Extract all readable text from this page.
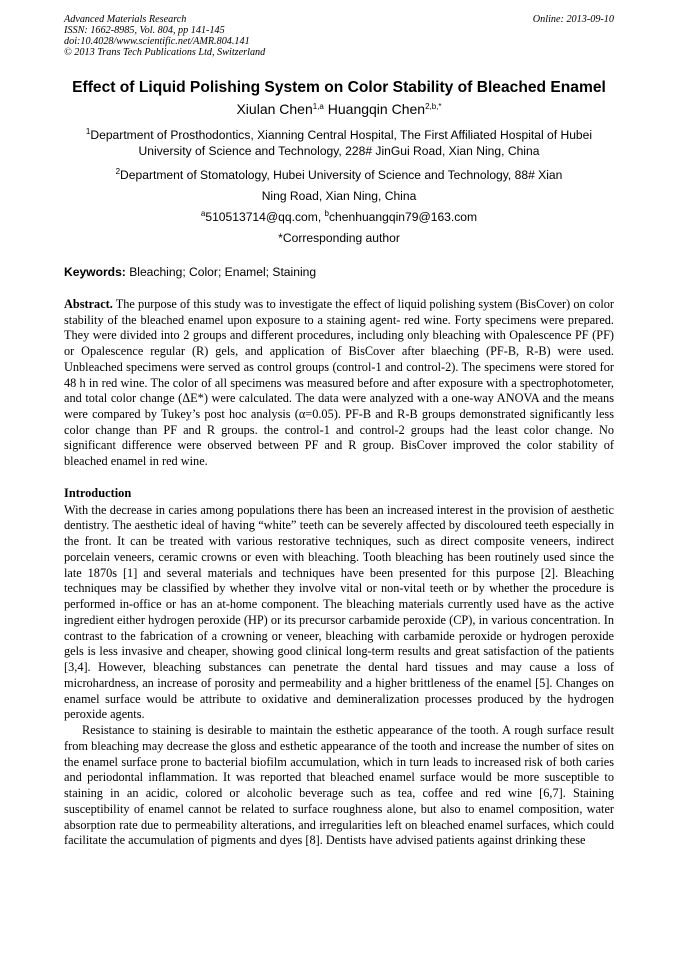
Advanced Materials Research
ISSN: 1662-8985, Vol. 804, pp 141-145
doi:10.4028/www.scientific.net/AMR.804.141
© 2013 Trans Tech Publications Ltd, Switzerland
Online: 2013-09-10
Effect of Liquid Polishing System on Color Stability of Bleached Enamel
Xiulan Chen$^{1,a}$ Huangqin Chen$^{2,b,*}$
$^1$Department of Prosthodontics, Xianning Central Hospital, The First Affiliated Hospital of Hubei University of Science and Technology, 228# JinGui Road, Xian Ning, China
$^2$Department of Stomatology, Hubei University of Science and Technology, 88# Xian
Ning Road, Xian Ning, China
$^a$510513714@qq.com, $^b$chenhuangqin79@163.com
*Corresponding author
Keywords: Bleaching; Color; Enamel; Staining
Abstract. The purpose of this study was to investigate the effect of liquid polishing system (BisCover) on color stability of the bleached enamel upon exposure to a staining agent- red wine. Forty specimens were prepared. They were divided into 2 groups and different procedures, including only bleaching with Opalescence PF (PF) or Opalescence regular (R) gels, and application of BisCover after blaeching (PF-B, R-B) were used. Unbleached specimens were served as control groups (control-1 and control-2). The specimens were stored for 48 h in red wine. The color of all specimens was measured before and after exposure with a spectrophotometer, and total color change (ΔE*) were calculated. The data were analyzed with a one-way ANOVA and the means were compared by Tukey’s post hoc analysis (α=0.05). PF-B and R-B groups demonstrated significantly less color change than PF and R groups. the control-1 and control-2 groups had the least color change. No significant difference were observed between PF and R group. BisCover improved the color stability of bleached enamel in red wine.
Introduction

With the decrease in caries among populations there has been an increased interest in the provision of aesthetic dentistry. The aesthetic ideal of having “white” teeth can be severely affected by discoloured teeth especially in the front. It can be treated with various restorative techniques, such as direct composite veneers, indirect porcelain veneers, ceramic crowns or even with bleaching. Tooth bleaching has been routinely used since the late 1870s [1] and several materials and techniques have been presented for this purpose [2]. Bleaching techniques may be classified by whether they involve vital or non-vital teeth or by whether the procedure is performed in-office or has an at-home component. The bleaching materials currently used have as the active ingredient either hydrogen peroxide (HP) or its precursor carbamide peroxide (CP), in various concentration. In contrast to the fabrication of a crowning or veneer, bleaching with carbamide peroxide or hydrogen peroxide gels is less invasive and cheaper, showing good clinical long-term results and great satisfaction of the patients [3,4]. However, bleaching substances can penetrate the dental hard tissues and may cause a loss of microhardness, an increase of porosity and permeability and a higher brittleness of the enamel [5]. Changes on enamel surface would be attribute to oxidative and demineralization processes produced by the hydrogen peroxide agents.

Resistance to staining is desirable to maintain the esthetic appearance of the tooth. A rough surface result from bleaching may decrease the gloss and esthetic appearance of the tooth and increase the number of sites on the enamel surface prone to bacterial biofilm accumulation, which in turn leads to increased risk of both caries and periodontal inflammation. It was reported that bleached enamel surface would be more susceptible to staining in an acidic, colored or alcoholic beverage such as tea, coffee and red wine [6,7]. Staining susceptibility of enamel cannot be related to surface roughness alone, but also to enamel composition, water absorption rate due to permeability alterations, and irregularities left on bleached enamel surfaces, which could facilitate the accumulation of pigments and dyes [8]. Dentists have advised patients against drinking these
